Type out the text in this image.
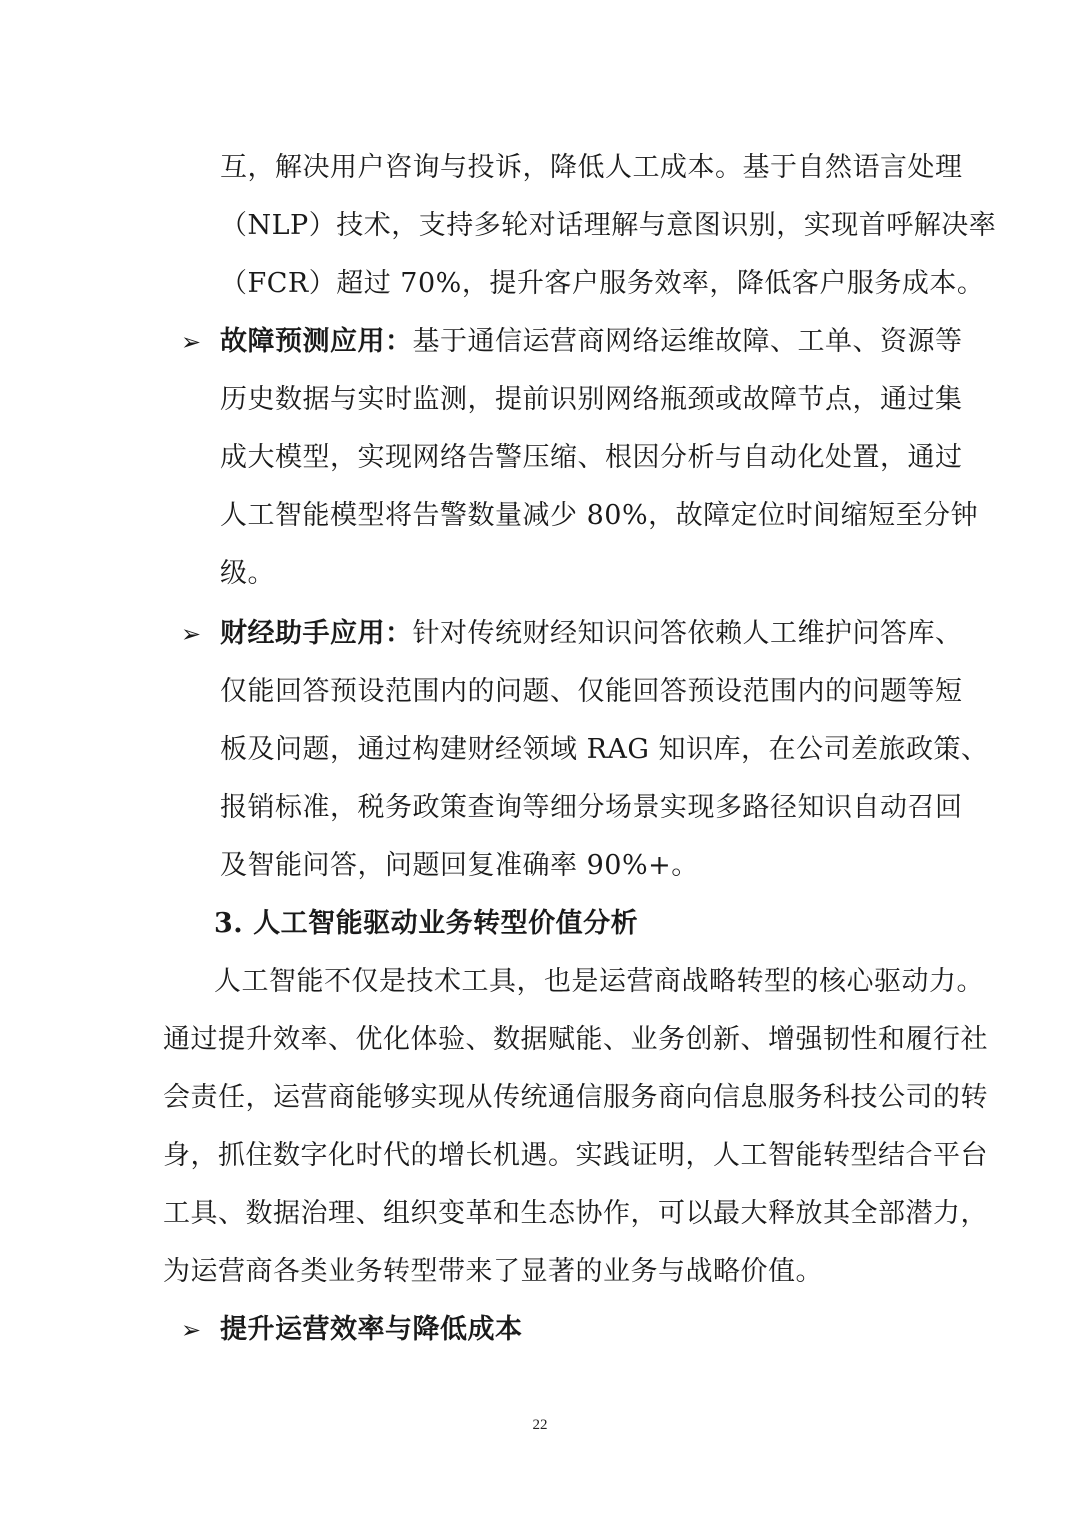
互，解决用户咨询与投诉，降低人工成本。基于自然语言处理
（NLP）技术，支持多轮对话理解与意图识别，实现首呼解决率
（FCR）超过 70%，提升客户服务效率，降低客户服务成本。
➢ 故障预测应用：基于通信运营商网络运维故障、工单、资源等
历史数据与实时监测，提前识别网络瓶颈或故障节点，通过集
成大模型，实现网络告警压缩、根因分析与自动化处置，通过
人工智能模型将告警数量减少 80%，故障定位时间缩短至分钟
级。
➢ 财经助手应用：针对传统财经知识问答依赖人工维护问答库、
仅能回答预设范围内的问题、仅能回答预设范围内的问题等短
板及问题，通过构建财经领域 RAG 知识库，在公司差旅政策、
报销标准，税务政策查询等细分场景实现多路径知识自动召回
及智能问答，问题回复准确率 90%+。
3. 人工智能驱动业务转型价值分析
人工智能不仅是技术工具，也是运营商战略转型的核心驱动力。
通过提升效率、优化体验、数据赋能、业务创新、增强韧性和履行社
会责任，运营商能够实现从传统通信服务商向信息服务科技公司的转
身，抓住数字化时代的增长机遇。实践证明，人工智能转型结合平台
工具、数据治理、组织变革和生态协作，可以最大释放其全部潜力，
为运营商各类业务转型带来了显著的业务与战略价值。
➢ 提升运营效率与降低成本
22
